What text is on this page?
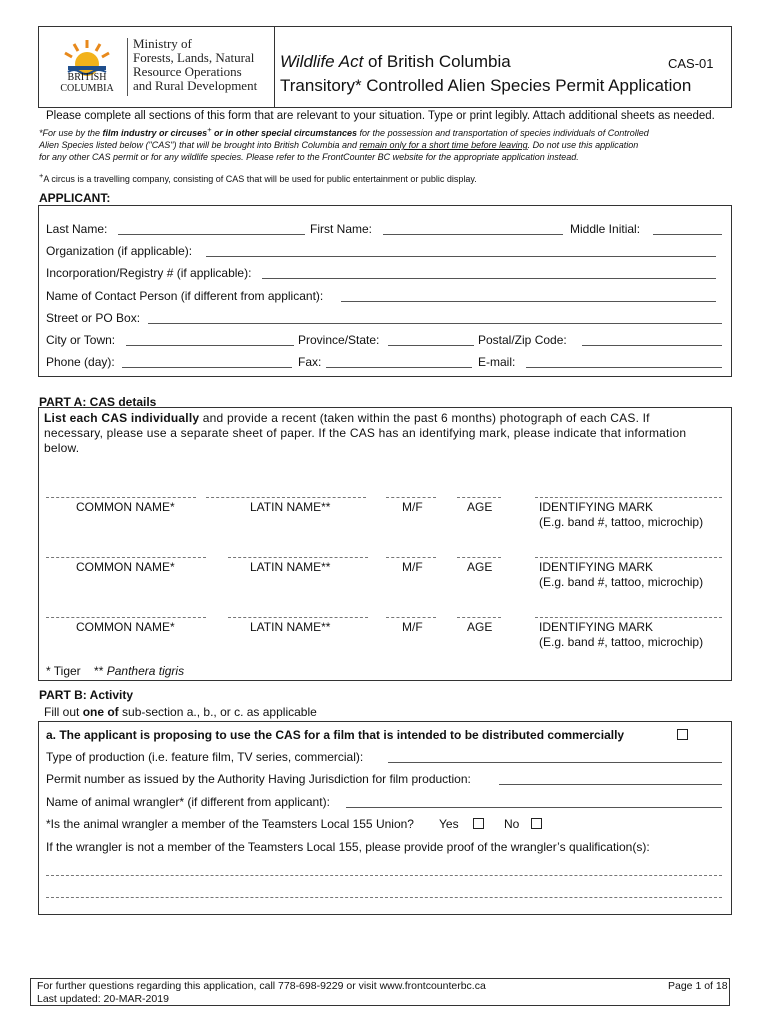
BRITISH
COLUMBIA
Ministry of
Forests, Lands, Natural
Resource Operations
and Rural Development
Wildlife Act of British Columbia	CAS-01
Transitory* Controlled Alien Species Permit Application
Please complete all sections of this form that are relevant to your situation. Type or print legibly. Attach additional sheets as needed.
*For use by the film industry or circuses+ or in other special circumstances for the possession and transportation of species individuals of Controlled
Alien Species listed below ("CAS") that will be brought into British Columbia and remain only for a short time before leaving. Do not use this application
for any other CAS permit or for any wildlife species. Please refer to the FrontCounter BC website for the appropriate application instead.
+A circus is a travelling company, consisting of CAS that will be used for public entertainment or public display.
APPLICANT:
Last Name:	First Name:	Middle Initial:
Organization (if applicable):
Incorporation/Registry # (if applicable):
Name of Contact Person (if different from applicant):
Street or PO Box:
City or Town:	Province/State:	Postal/Zip Code:
Phone (day):	Fax:	E-mail:
PART A: CAS details
List each CAS individually and provide a recent (taken within the past 6 months) photograph of each CAS. If
necessary, please use a separate sheet of paper. If the CAS has an identifying mark, please indicate that information
below.
COMMON NAME*	LATIN NAME**	M/F	AGE	IDENTIFYING MARK
(E.g. band #, tattoo, microchip)
COMMON NAME*	LATIN NAME**	M/F	AGE	IDENTIFYING MARK
(E.g. band #, tattoo, microchip)
COMMON NAME*	LATIN NAME**	M/F	AGE	IDENTIFYING MARK
(E.g. band #, tattoo, microchip)
* Tiger ** Panthera tigris
PART B: Activity
Fill out one of sub-section a., b., or c. as applicable
a. The applicant is proposing to use the CAS for a film that is intended to be distributed commercially
Type of production (i.e. feature film, TV series, commercial):
Permit number as issued by the Authority Having Jurisdiction for film production:
Name of animal wrangler* (if different from applicant):
*Is the animal wrangler a member of the Teamsters Local 155 Union? Yes	No
If the wrangler is not a member of the Teamsters Local 155, please provide proof of the wrangler’s qualification(s):
For further questions regarding this application, call 778-698-9229 or visit www.frontcounterbc.ca
Last updated: 20-MAR-2019
Page 1 of 18
